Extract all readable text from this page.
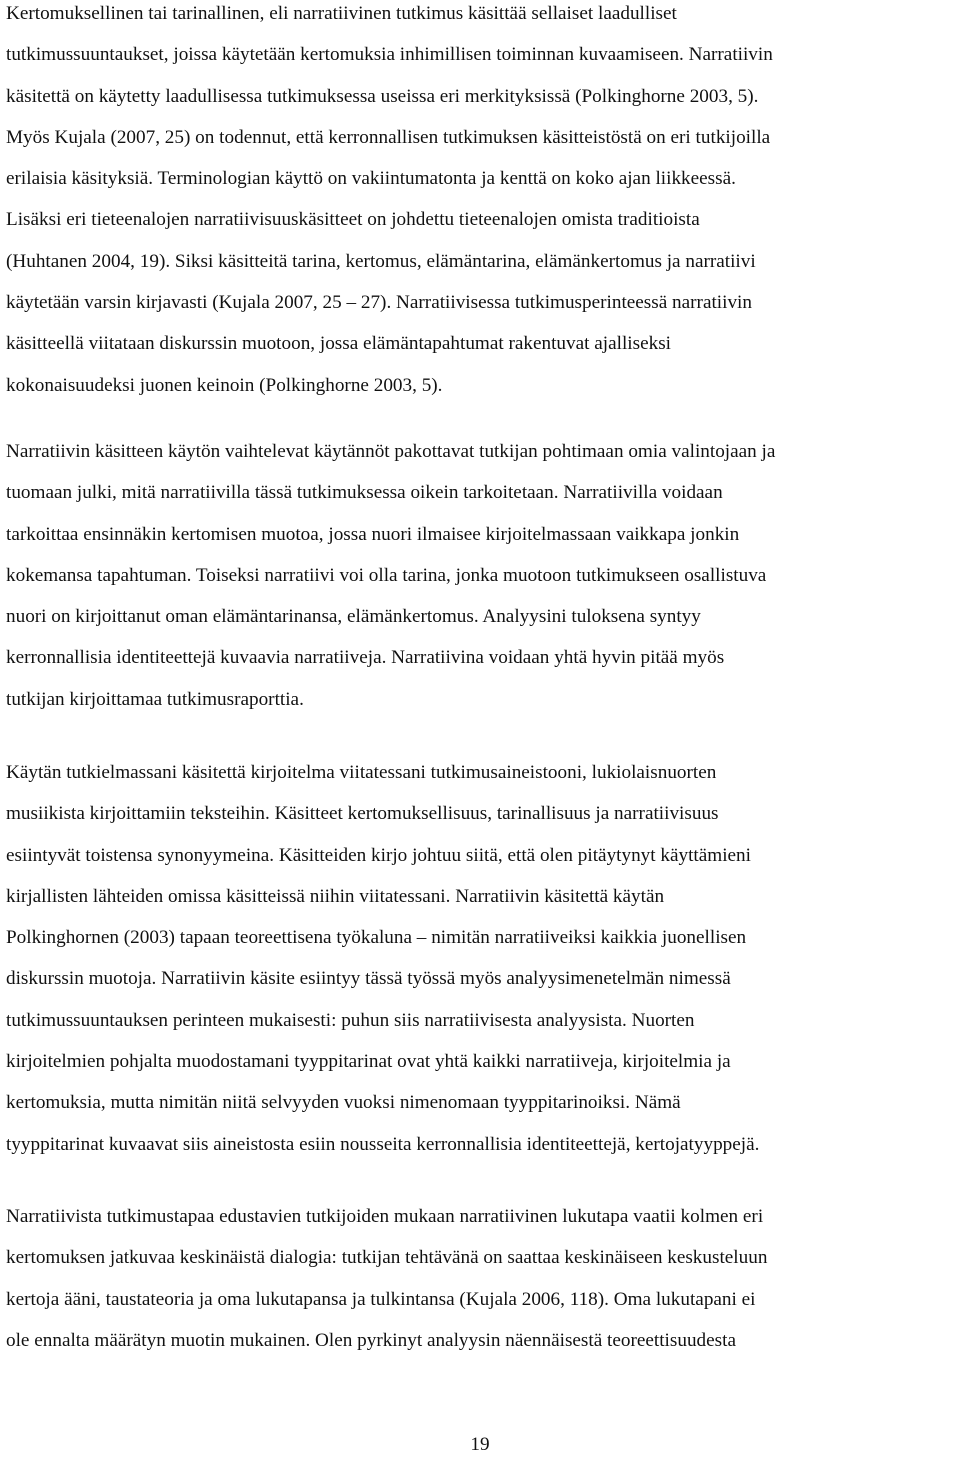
Kertomuksellinen tai tarinallinen, eli narratiivinen tutkimus käsittää sellaiset laadulliset
tutkimussuuntaukset, joissa käytetään kertomuksia inhimillisen toiminnan kuvaamiseen. Narratiivin
käsitettä on käytetty laadullisessa tutkimuksessa useissa eri merkityksissä (Polkinghorne 2003, 5).
Myös Kujala (2007, 25) on todennut, että kerronnallisen tutkimuksen käsitteistöstä on eri tutkijoilla
erilaisia käsityksiä. Terminologian käyttö on vakiintumatonta ja kenttä on koko ajan liikkeessä.
Lisäksi eri tieteenalojen narratiivisuuskäsitteet on johdettu tieteenalojen omista traditioista
(Huhtanen 2004, 19). Siksi käsitteitä tarina, kertomus, elämäntarina, elämänkertomus ja narratiivi
käytetään varsin kirjavasti (Kujala 2007, 25 – 27). Narratiivisessa tutkimusperinteessä narratiivin
käsitteellä viitataan diskurssin muotoon, jossa elämäntapahtumat rakentuvat ajalliseksi
kokonaisuudeksi juonen keinoin (Polkinghorne 2003, 5).
Narratiivin käsitteen käytön vaihtelevat käytännöt pakottavat tutkijan pohtimaan omia valintojaan ja
tuomaan julki, mitä narratiivilla tässä tutkimuksessa oikein tarkoitetaan. Narratiivilla voidaan
tarkoittaa ensinnäkin kertomisen muotoa, jossa nuori ilmaisee kirjoitelmassaan vaikkapa jonkin
kokemansa tapahtuman. Toiseksi narratiivi voi olla tarina, jonka muotoon tutkimukseen osallistuva
nuori on kirjoittanut oman elämäntarinansa, elämänkertomus. Analyysini tuloksena syntyy
kerronnallisia identiteettejä kuvaavia narratiiveja. Narratiivina voidaan yhtä hyvin pitää myös
tutkijan kirjoittamaa tutkimusraporttia.
Käytän tutkielmassani käsitettä kirjoitelma viitatessani tutkimusaineistooni, lukiolaisnuorten
musiikista kirjoittamiin teksteihin. Käsitteet kertomuksellisuus, tarinallisuus ja narratiivisuus
esiintyvät toistensa synonyymeina. Käsitteiden kirjo johtuu siitä, että olen pitäytynyt käyttämieni
kirjallisten lähteiden omissa käsitteissä niihin viitatessani. Narratiivin käsitettä käytän
Polkinghornen (2003) tapaan teoreettisena työkaluna – nimitän narratiiveiksi kaikkia juonellisen
diskurssin muotoja. Narratiivin käsite esiintyy tässä työssä myös analyysimenetelmän nimessä
tutkimussuuntauksen perinteen mukaisesti: puhun siis narratiivisesta analyysista. Nuorten
kirjoitelmien pohjalta muodostamani tyyppitarinat ovat yhtä kaikki narratiiveja, kirjoitelmia ja
kertomuksia, mutta nimitän niitä selvyyden vuoksi nimenomaan tyyppitarinoiksi. Nämä
tyyppitarinat kuvaavat siis aineistosta esiin nousseita kerronnallisia identiteettejä, kertojatyyppejä.
Narratiivista tutkimustapaa edustavien tutkijoiden mukaan narratiivinen lukutapa vaatii kolmen eri
kertomuksen jatkuvaa keskinäistä dialogia: tutkijan tehtävänä on saattaa keskinäiseen keskusteluun
kertoja ääni, taustateoria ja oma lukutapansa ja tulkintansa (Kujala 2006, 118). Oma lukutapani ei
ole ennalta määrätyn muotin mukainen. Olen pyrkinyt analyysin näennäisestä teoreettisuudesta
19
